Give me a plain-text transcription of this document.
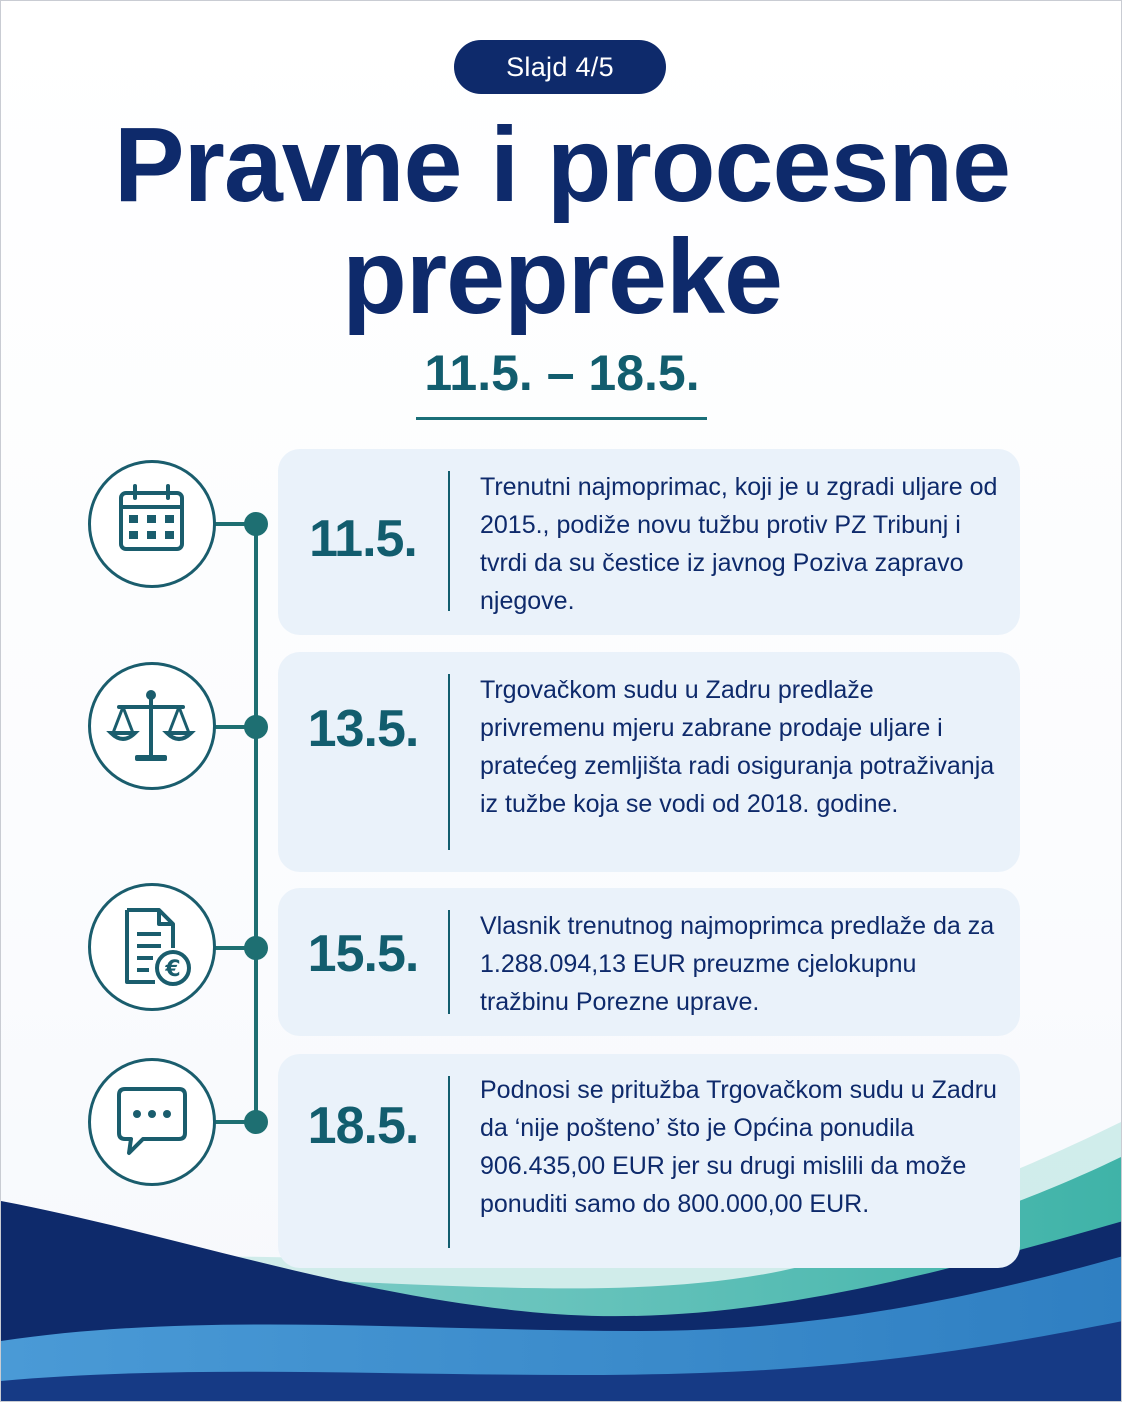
Slajd 4/5
Pravne i procesne prepreke
11.5. – 18.5.
11.5.
Trenutni najmoprimac, koji je u zgradi uljare od 2015., podiže novu tužbu protiv PZ Tribunj i tvrdi da su čestice iz javnog Poziva zapravo njegove.
13.5.
Trgovačkom sudu u Zadru predlaže privremenu mjeru zabrane prodaje uljare i pratećeg zemljišta radi osiguranja potraživanja iz tužbe koja se vodi od 2018. godine.
€	15.5.	Vlasnik trenutnog najmoprimca predlaže da za 1.288.094,13 EUR preuzme cjelokupnu tražbinu Porezne uprave.
18.5.
Podnosi se pritužba Trgovačkom sudu u Zadru da ‘nije pošteno’ što je Općina ponudila 906.435,00 EUR jer su drugi mislili da može ponuditi samo do 800.000,00 EUR.
